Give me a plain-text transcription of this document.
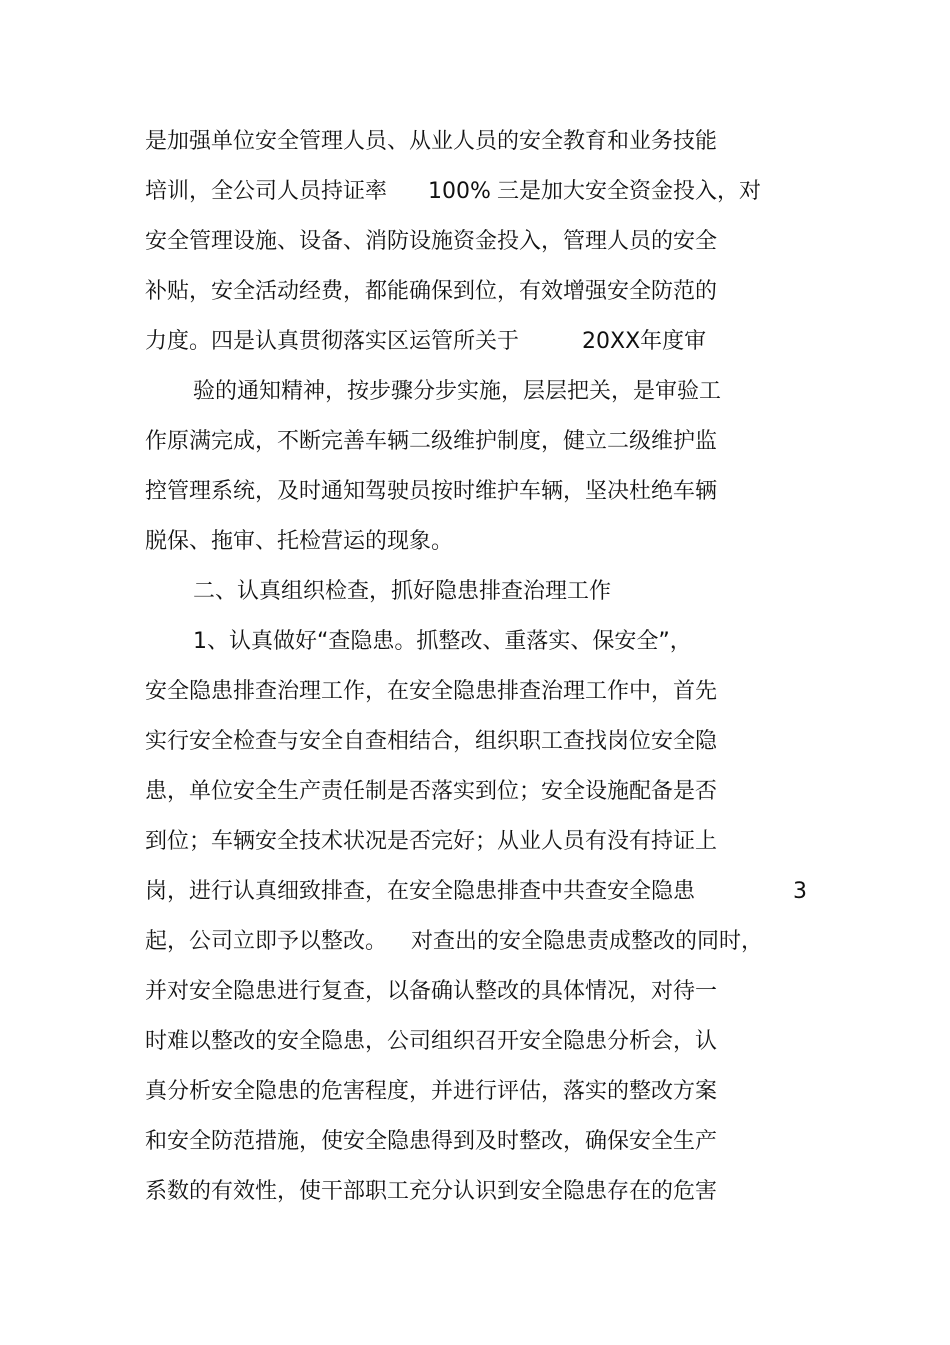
是加强单位安全管理人员、从业人员的安全教育和业务技能
培训，全公司人员持证率 100% 三是加大安全资金投入，对
安全管理设施、设备、消防设施资金投入，管理人员的安全
补贴，安全活动经费，都能确保到位，有效增强安全防范的
力度。四是认真贯彻落实区运管所关于	20XX年度审
验的通知精神，按步骤分步实施，层层把关，是审验工
作原满完成，不断完善车辆二级维护制度，健立二级维护监
控管理系统，及时通知驾驶员按时维护车辆，坚决杜绝车辆
脱保、拖审、托检营运的现象。
二、认真组织检查，抓好隐患排查治理工作
1、认真做好“查隐患。抓整改、重落实、保安全”，
安全隐患排查治理工作，在安全隐患排查治理工作中，首先
实行安全检查与安全自查相结合，组织职工查找岗位安全隐
患，单位安全生产责任制是否落实到位；安全设施配备是否
到位；车辆安全技术状况是否完好；从业人员有没有持证上
岗，进行认真细致排查，在安全隐患排查中共查安全隐患	3
起，公司立即予以整改。 对查出的安全隐患责成整改的同时，
并对安全隐患进行复查，以备确认整改的具体情况，对待一
时难以整改的安全隐患，公司组织召开安全隐患分析会，认
真分析安全隐患的危害程度，并进行评估，落实的整改方案
和安全防范措施，使安全隐患得到及时整改，确保安全生产
系数的有效性，使干部职工充分认识到安全隐患存在的危害
